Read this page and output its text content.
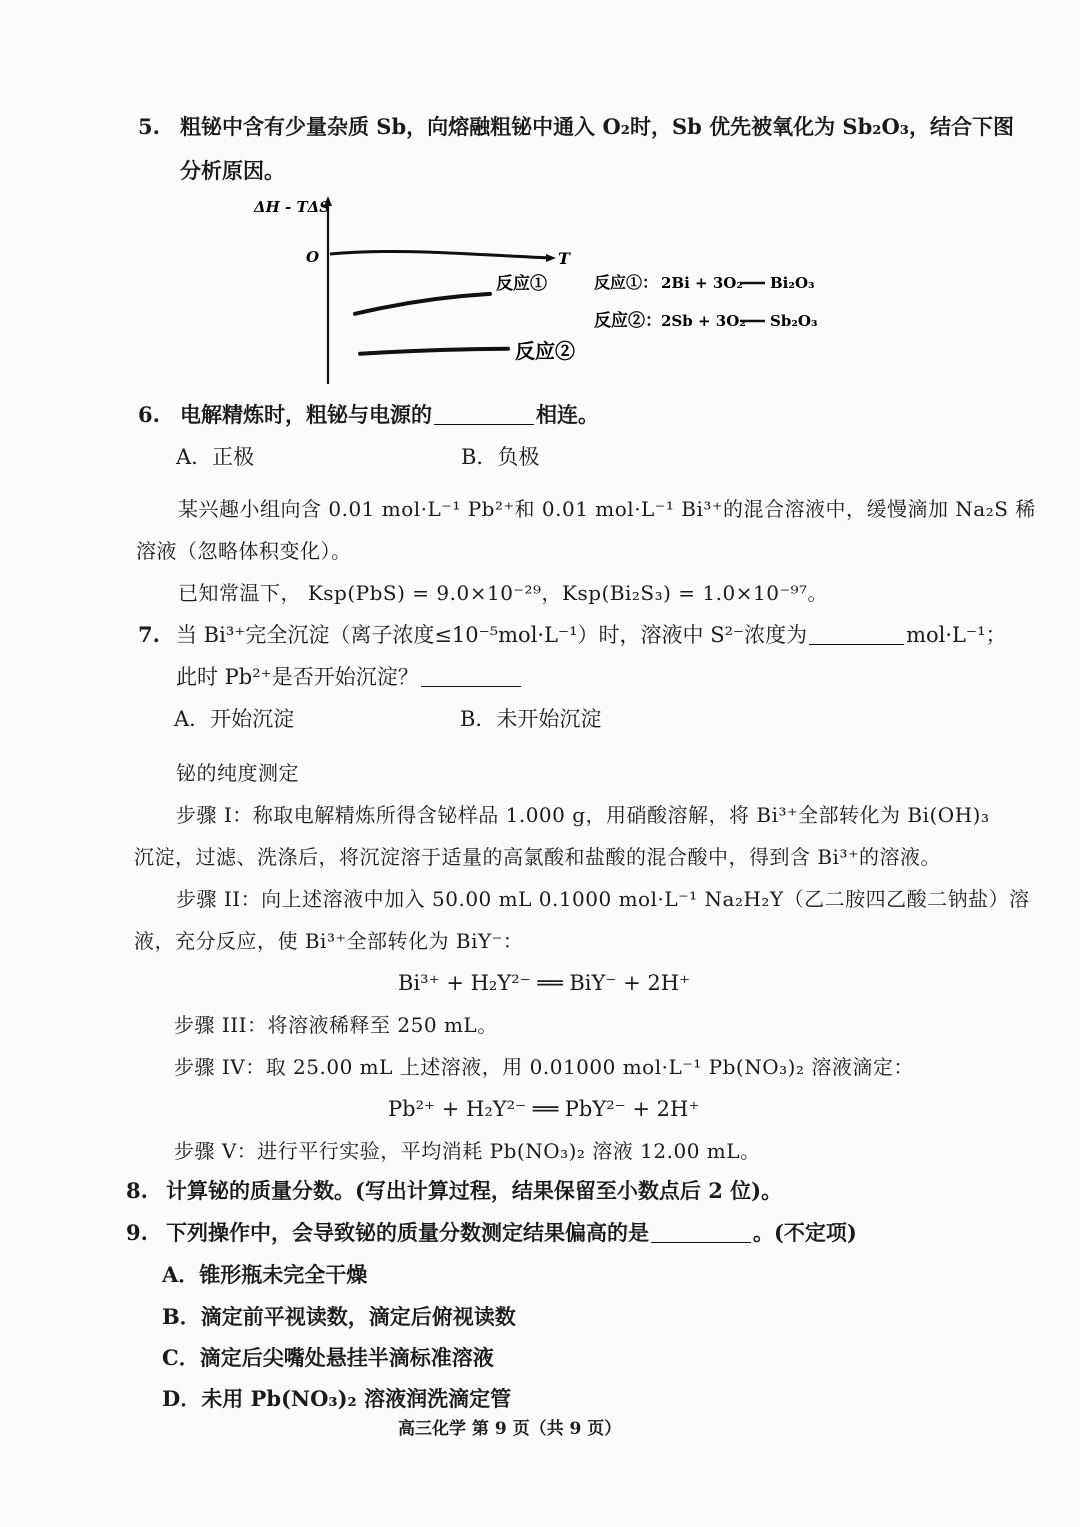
5. 粗铋中含有少量杂质 Sb，向熔融粗铋中通入 O₂时，Sb 优先被氧化为 Sb₂O₃，结合下图
分析原因。
ΔH - TΔS
O	T
反应①
反应②
反应①： 2Bi + 3O₂ Bi₂O₃
反应②： 2Sb + 3O₂ Sb₂O₃
6. 电解精炼时，粗铋与电源的	相连。
A．正极	B．负极
某兴趣小组向含 0.01 mol·L⁻¹ Pb²⁺和 0.01 mol·L⁻¹ Bi³⁺的混合溶液中，缓慢滴加 Na₂S 稀
溶液（忽略体积变化）。
已知常温下， Ksp(PbS) = 9.0×10⁻²⁹，Ksp(Bi₂S₃) = 1.0×10⁻⁹⁷。
7. 当 Bi³⁺完全沉淀（离子浓度≤10⁻⁵mol·L⁻¹）时，溶液中 S²⁻浓度为	mol·L⁻¹；
此时 Pb²⁺是否开始沉淀？
A．开始沉淀	B．未开始沉淀
铋的纯度测定
步骤 I：称取电解精炼所得含铋样品 1.000 g，用硝酸溶解，将 Bi³⁺全部转化为 Bi(OH)₃
沉淀，过滤、洗涤后，将沉淀溶于适量的高氯酸和盐酸的混合酸中，得到含 Bi³⁺的溶液。
步骤 II：向上述溶液中加入 50.00 mL 0.1000 mol·L⁻¹ Na₂H₂Y（乙二胺四乙酸二钠盐）溶
液，充分反应，使 Bi³⁺全部转化为 BiY⁻：
Bi³⁺ + H₂Y²⁻ ══ BiY⁻ + 2H⁺
步骤 III：将溶液稀释至 250 mL。
步骤 IV：取 25.00 mL 上述溶液，用 0.01000 mol·L⁻¹ Pb(NO₃)₂ 溶液滴定：
Pb²⁺ + H₂Y²⁻ ══ PbY²⁻ + 2H⁺
步骤 V：进行平行实验，平均消耗 Pb(NO₃)₂ 溶液 12.00 mL。
8. 计算铋的质量分数。(写出计算过程，结果保留至小数点后 2 位)。
9. 下列操作中，会导致铋的质量分数测定结果偏高的是	。(不定项)
A．锥形瓶未完全干燥
B．滴定前平视读数，滴定后俯视读数
C．滴定后尖嘴处悬挂半滴标准溶液
D．未用 Pb(NO₃)₂ 溶液润洗滴定管
高三化学 第 9 页（共 9 页）
